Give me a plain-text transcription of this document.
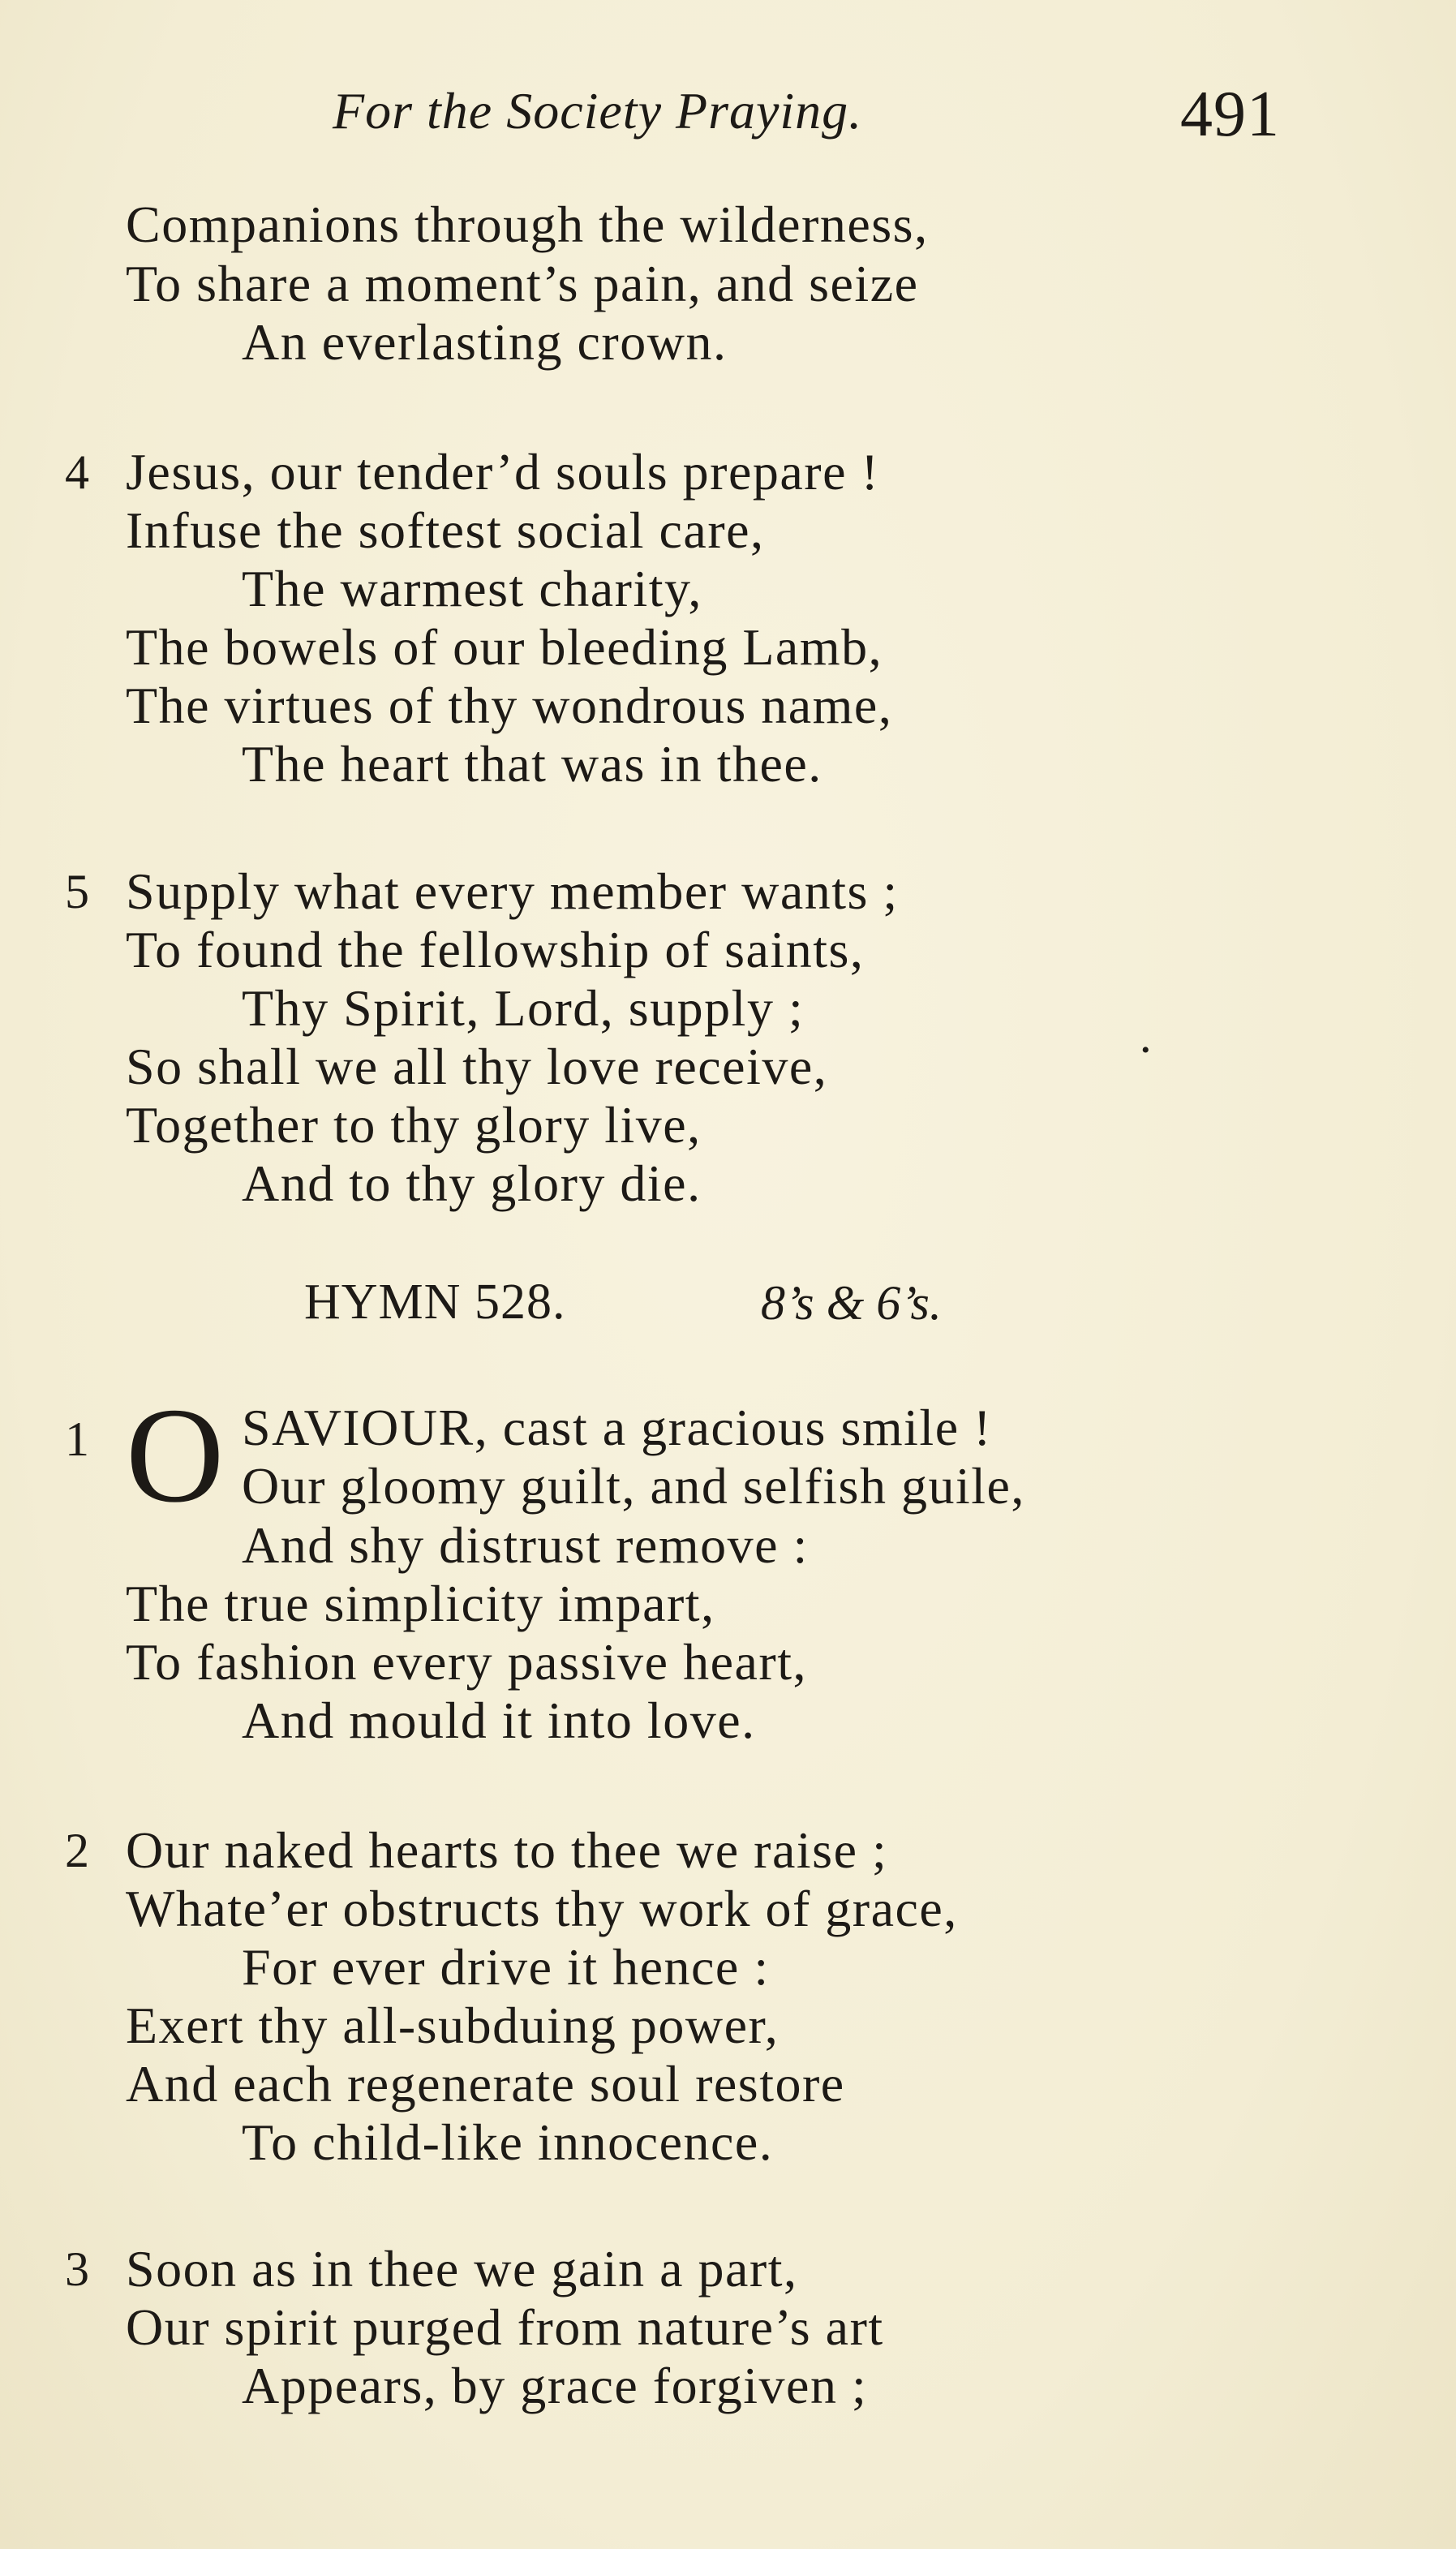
For the Society Praying.	491
Companions through the wilderness,
To share a moment’s pain, and seize
An everlasting crown.
4 Jesus, our tender’d souls prepare !
Infuse the softest social care,
The warmest charity,
The bowels of our bleeding Lamb,
The virtues of thy wondrous name,
The heart that was in thee.
5 Supply what every member wants ;
To found the fellowship of saints,
Thy Spirit, Lord, supply ;
So shall we all thy love receive,
Together to thy glory live,
And to thy glory die.
•
HYMN 528.	8’s & 6’s.
1 O SAVIOUR, cast a gracious smile !
Our gloomy guilt, and selfish guile,
And shy distrust remove :
The true simplicity impart,
To fashion every passive heart,
And mould it into love.
2 Our naked hearts to thee we raise ;
Whate’er obstructs thy work of grace,
For ever drive it hence :
Exert thy all-subduing power,
And each regenerate soul restore
To child-like innocence.
3 Soon as in thee we gain a part,
Our spirit purged from nature’s art
Appears, by grace forgiven ;
